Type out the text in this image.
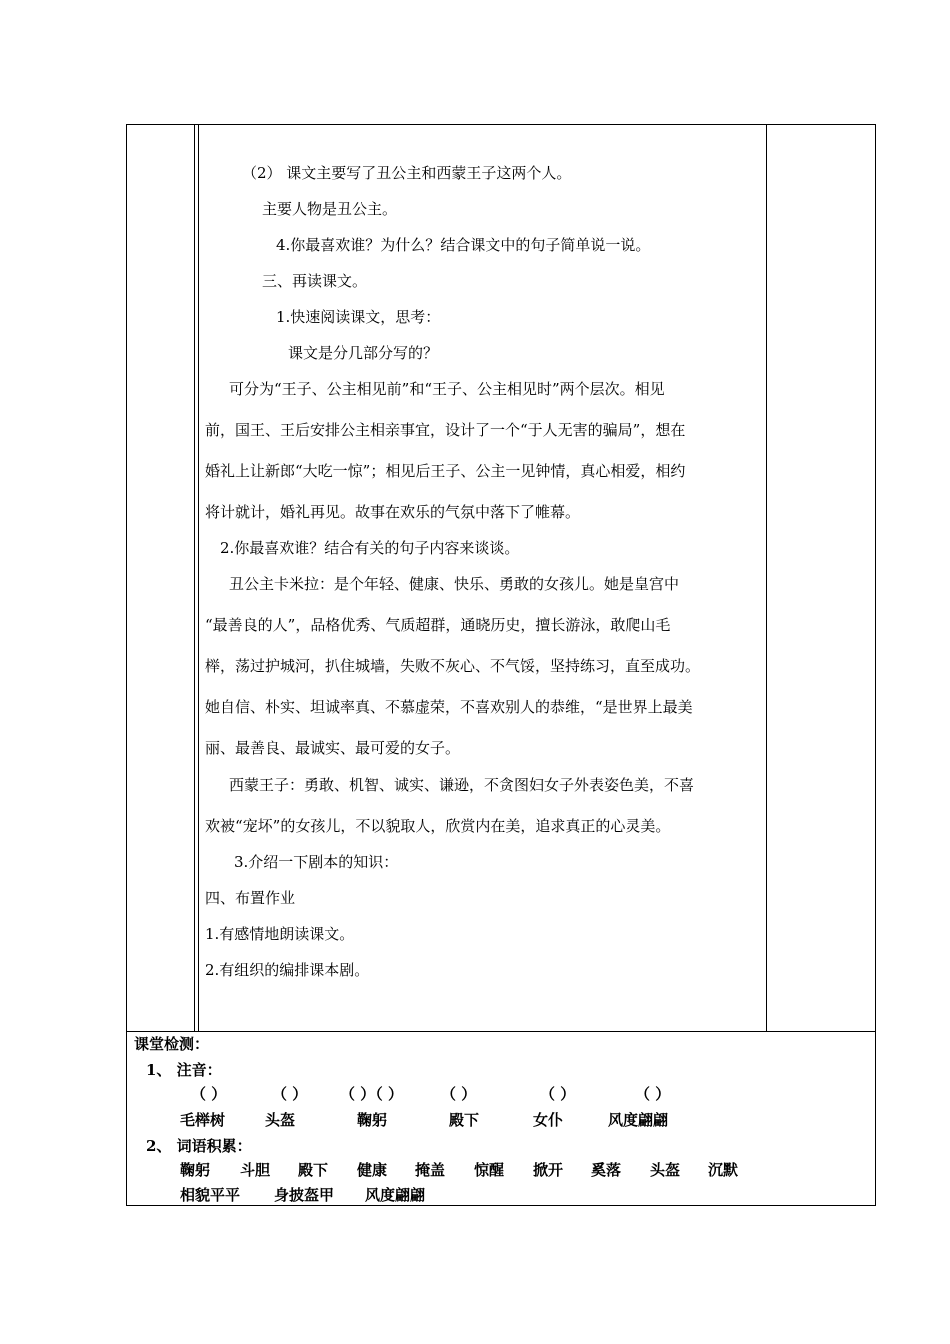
（2） 课文主要写了丑公主和西蒙王子这两个人。

主要人物是丑公主。

4.你最喜欢谁？为什么？结合课文中的句子简单说一说。

三、再读课文。

1.快速阅读课文，思考：

课文是分几部分写的？

可分为“王子、公主相见前”和“王子、公主相见时”两个层次。相见

前，国王、王后安排公主相亲事宜，设计了一个“于人无害的骗局”，想在

婚礼上让新郎“大吃一惊”；相见后王子、公主一见钟情，真心相爱，相约

将计就计，婚礼再见。故事在欢乐的气氛中落下了帷幕。

2.你最喜欢谁？结合有关的句子内容来谈谈。

丑公主卡米拉：是个年轻、健康、快乐、勇敢的女孩儿。她是皇宫中

“最善良的人”，品格优秀、气质超群，通晓历史，擅长游泳，敢爬山毛

榉，荡过护城河，扒住城墙，失败不灰心、不气馁，坚持练习，直至成功。

她自信、朴实、坦诚率真、不慕虚荣，不喜欢别人的恭维，“是世界上最美

丽、最善良、最诚实、最可爱的女子。

西蒙王子：勇敢、机智、诚实、谦逊，不贪图妇女子外表姿色美，不喜

欢被“宠坏”的女孩儿，不以貌取人，欣赏内在美，追求真正的心灵美。

3.介绍一下剧本的知识：

四、布置作业

1.有感情地朗读课文。

2.有组织的编排课本剧。

课堂检测：

1、 注音：

（ ）	（ ） （ ）（ ）	（ ）	（ ）	（ ）

毛榉树	头盔	鞠躬	殿下	女仆	风度翩翩

2、 词语积累：

鞠躬 斗胆 殿下 健康 掩盖 惊醒 掀开 奚落 头盔 沉默

相貌平平 身披盔甲 风度翩翩
